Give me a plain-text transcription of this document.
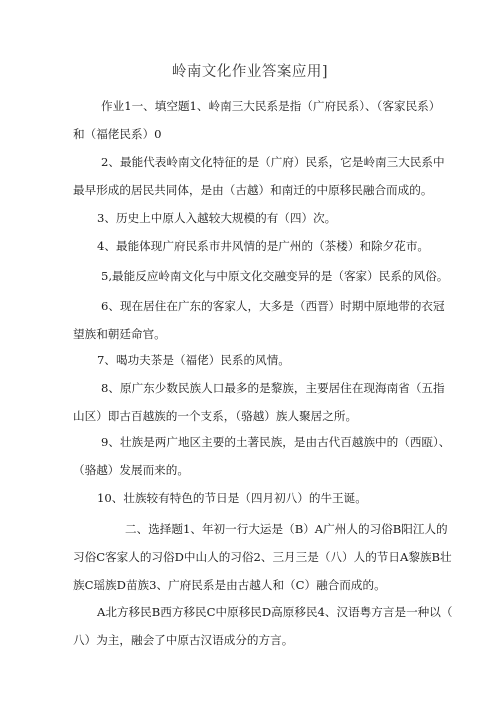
岭南文化作业答案应用]
作业1一、填空题1、岭南三大民系是指（广府民系）、（客家民系）
和（福佬民系）0
2、最能代表岭南文化特征的是（广府）民系，它是岭南三大民系中
最早形成的居民共同体，是由（古越）和南迁的中原移民融合而成的。
3、历史上中原人入越较大规模的有（四）次。
4、最能体现广府民系市井风情的是广州的（茶楼）和除夕花市。
5,最能反应岭南文化与中原文化交融变异的是（客家）民系的风俗。
6、现在居住在广东的客家人，大多是（西晋）时期中原地带的衣冠
望族和朝廷命官。
7、喝功夫茶是（福佬）民系的风情。
8、原广东少数民族人口最多的是黎族，主要居住在现海南省（五指
山区）即古百越族的一个支系，（骆越）族人聚居之所。
9、壮族是两广地区主要的土著民族，是由古代百越族中的（西瓯）、
（骆越）发展而来的。
10、壮族较有特色的节日是（四月初八）的牛王诞。
二、选择题1、年初一行大运是（B）A广州人的习俗B阳江人的
习俗C客家人的习俗D中山人的习俗2、三月三是（八）人的节日A黎族B壮
族C瑶族D苗族3、广府民系是由古越人和（C）融合而成的。
A北方移民B西方移民C中原移民D高原移民4、汉语粤方言是一种以（
八）为主，融会了中原古汉语成分的方言。
